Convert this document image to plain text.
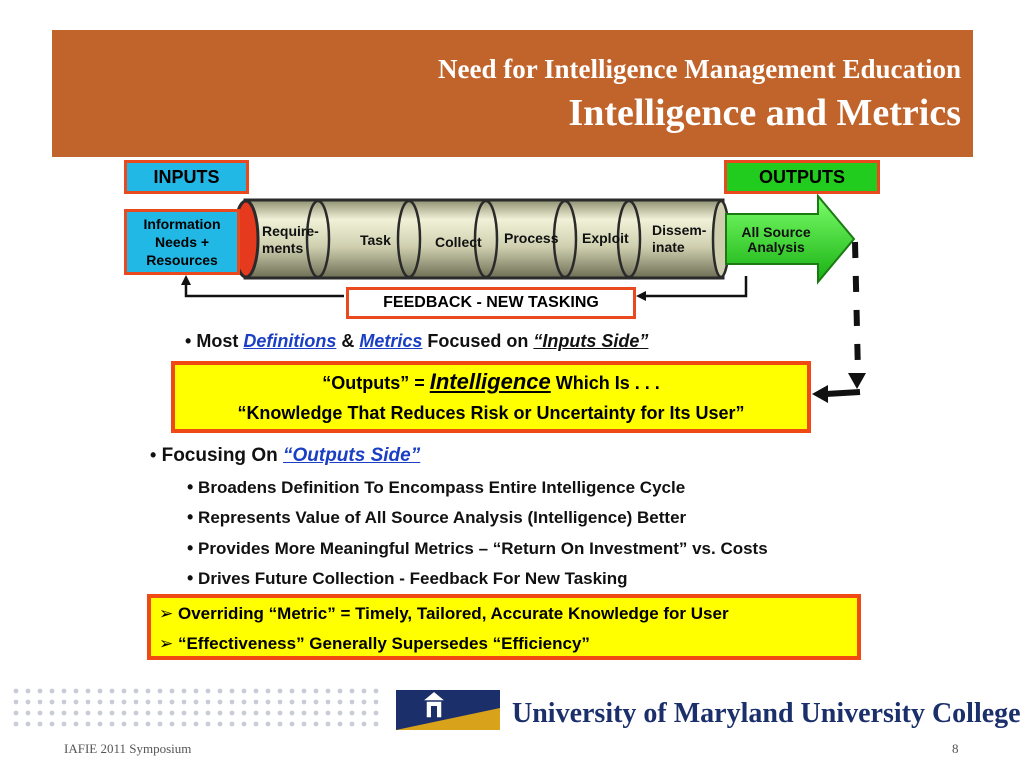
Need for Intelligence Management Education
Intelligence and Metrics
INPUTS	OUTPUTS
Information
Needs +
Resources
Require-
ments	Task	Collect Process Exploit Dissem-
inate
All Source
Analysis
FEEDBACK - NEW TASKING
• Most Definitions & Metrics Focused on “Inputs Side”
“Outputs” = Intelligence Which Is . . .
“Knowledge That Reduces Risk or Uncertainty for Its User”
• Focusing On “Outputs Side”
• Broadens Definition To Encompass Entire Intelligence Cycle
• Represents Value of All Source Analysis (Intelligence) Better
• Provides More Meaningful Metrics – “Return On Investment” vs. Costs
• Drives Future Collection - Feedback For New Tasking
➢ Overriding “Metric” = Timely, Tailored, Accurate Knowledge for User
➢ “Effectiveness” Generally Supersedes “Efficiency”
University of Maryland University College
IAFIE 2011 Symposium	8
